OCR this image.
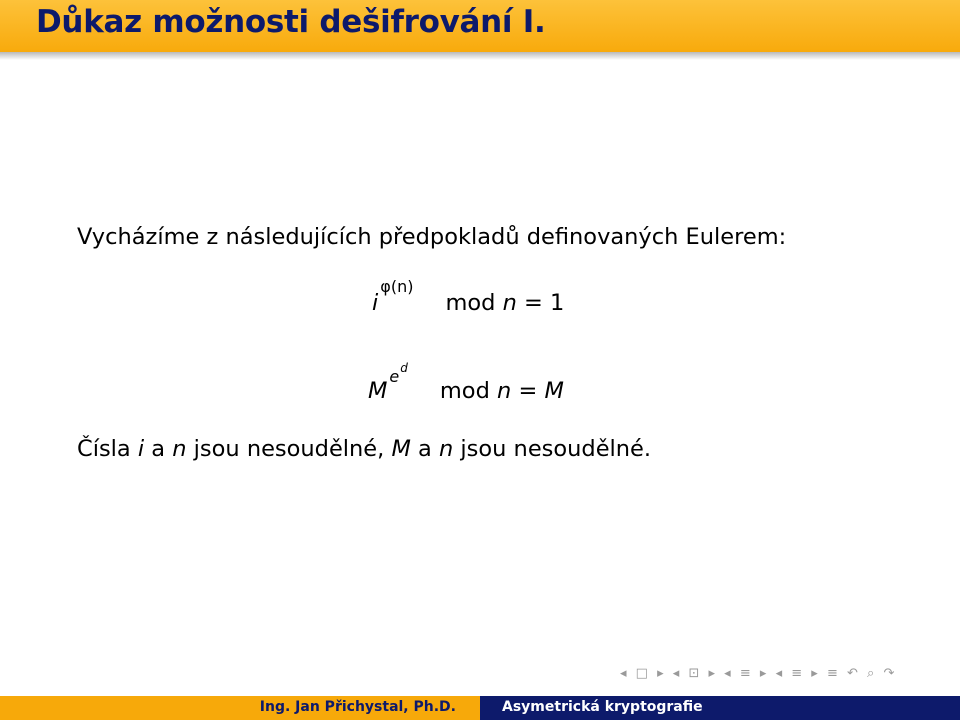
Důkaz možnosti dešifrování I.
Vycházíme z následujících předpokladů definovaných Eulerem:
$i^{\varphi(n)}mod$ n = 1
$M^{e^d}mod$ n = M
Čísla i a n jsou nesoudělné, M a n jsou nesoudělné.
◂ □ ▸ ◂ ⊡ ▸ ◂ ≡ ▸ ◂ ≡ ▸ ≡ ↶ ⌕ ↷
Ing. Jan Přichystal, Ph.D.	Asymetrická kryptografie
